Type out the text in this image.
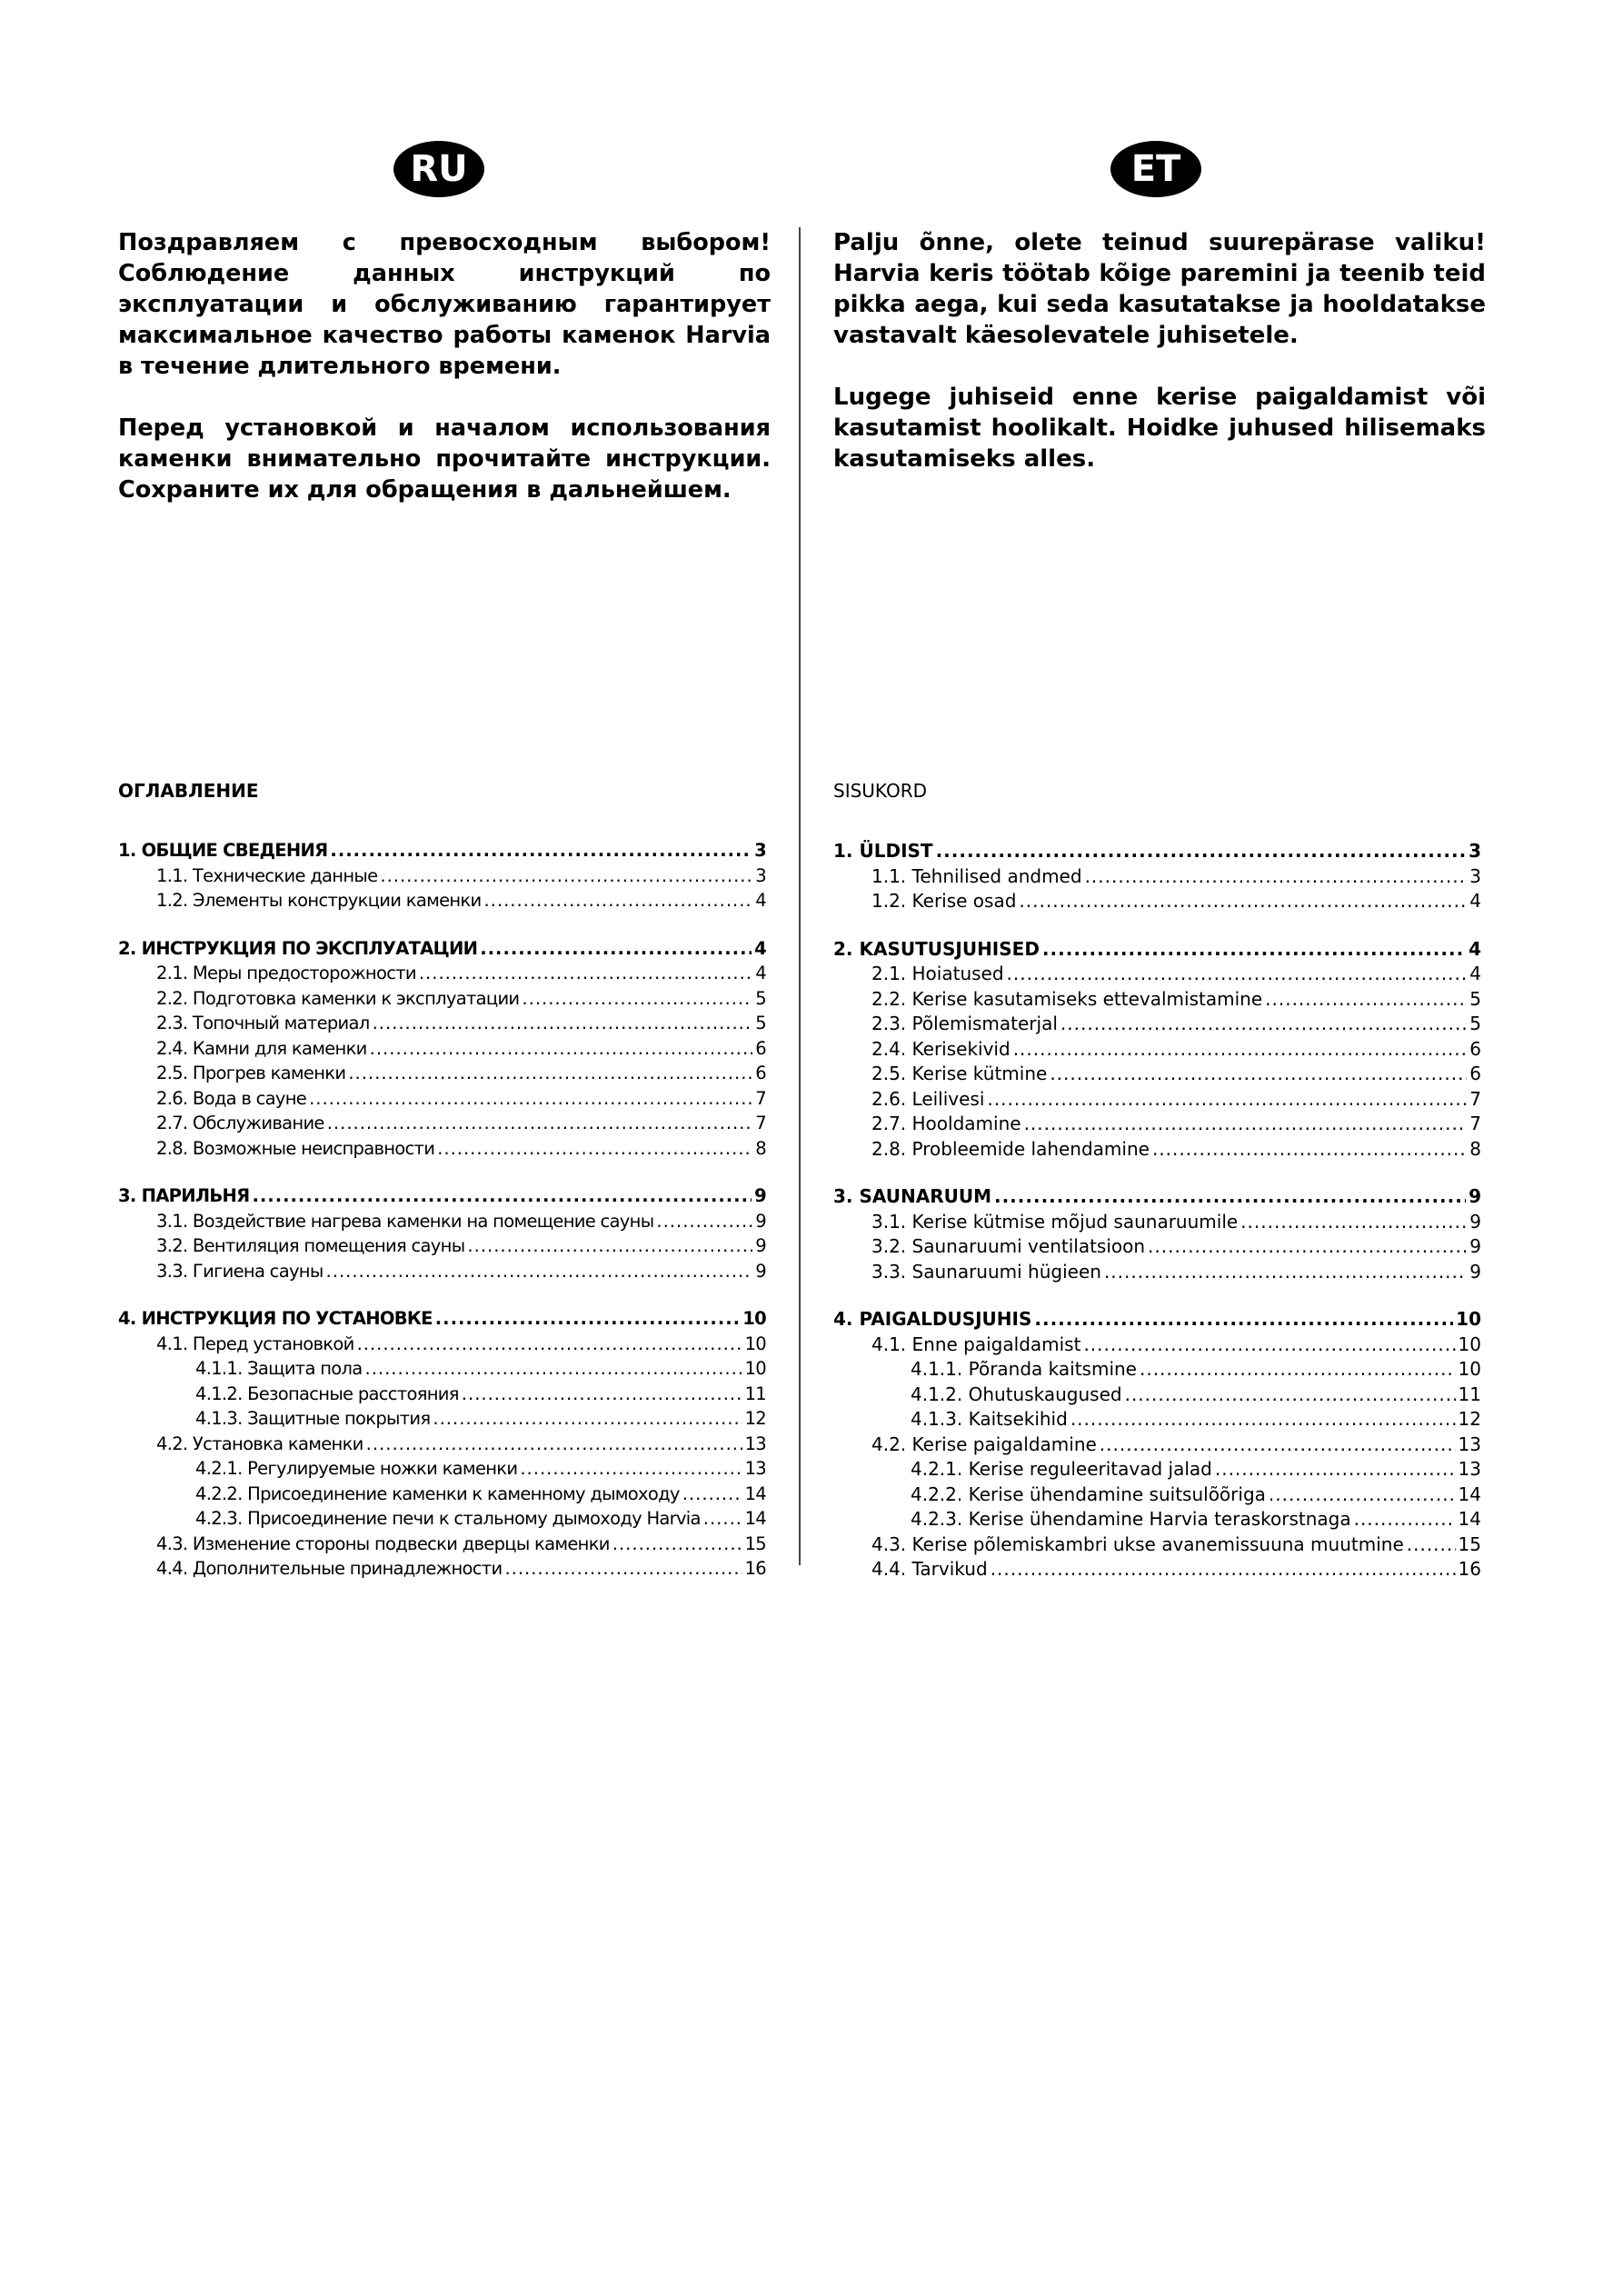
RU	ET

Поздравляем с превосходным выбором! Соблюдение данных инструкций по эксплуатации и обслуживанию гарантирует максимальное качество работы каменок Harvia в течение длительного времени.

Перед установкой и началом использования каменки внимательно прочитайте инструкции. Сохраните их для обращения в дальнейшем.

Palju õnne, olete teinud suurepärase valiku! Harvia keris töötab kõige paremini ja teenib teid pikka aega, kui seda kasutatakse ja hooldatakse vastavalt käesolevatele juhisetele.

Lugege juhiseid enne kerise paigaldamist või kasutamist hoolikalt. Hoidke juhused hilisemaks kasutamiseks alles.

ОГЛАВЛЕНИЕ
1. ОБЩИЕ СВЕДЕНИЯ .....	3
1.1. Технические данные .....	3
1.2. Элементы конструкции каменки .....	4
2. ИНСТРУКЦИЯ ПО ЭКСПЛУАТАЦИИ .....	4
2.1. Меры предосторожности .....	4
2.2. Подготовка каменки к эксплуатации .....	5
2.3. Топочный материал .....	5
2.4. Камни для каменки .....	6
2.5. Прогрев каменки .....	6
2.6. Вода в сауне .....	7
2.7. Обслуживание .....	7
2.8. Возможные неисправности .....	8
3. ПАРИЛЬНЯ .....	9
3.1. Воздействие нагрева каменки на помещение сауны .....	9
3.2. Вентиляция помещения сауны .....	9
3.3. Гигиена сауны .....	9
4. ИНСТРУКЦИЯ ПО УСТАНОВКЕ .....	10
4.1. Перед установкой .....	10
4.1.1. Защита пола .....	10
4.1.2. Безопасные расстояния .....	11
4.1.3. Защитные покрытия .....	12
4.2. Установка каменки .....	13
4.2.1. Регулируемые ножки каменки .....	13
4.2.2. Присоединение каменки к каменному дымоходу .....	14
4.2.3. Присоединение печи к стальному дымоходу Harvia .....	14
4.3. Изменение стороны подвески дверцы каменки .....	15
4.4. Дополнительные принадлежности .....	16
SISUKORD
1. ÜLDIST .....	3
1.1. Tehnilised andmed .....	3
1.2. Kerise osad .....	4
2. KASUTUSJUHISED .....	4
2.1. Hoiatused .....	4
2.2. Kerise kasutamiseks ettevalmistamine .....	5
2.3. Põlemismaterjal .....	5
2.4. Kerisekivid .....	6
2.5. Kerise kütmine .....	6
2.6. Leilivesi .....	7
2.7. Hooldamine .....	7
2.8. Probleemide lahendamine .....	8
3. SAUNARUUM .....	9
3.1. Kerise kütmise mõjud saunaruumile .....	9
3.2. Saunaruumi ventilatsioon .....	9
3.3. Saunaruumi hügieen .....	9
4. PAIGALDUSJUHIS .....	10
4.1. Enne paigaldamist .....	10
4.1.1. Põranda kaitsmine .....	10
4.1.2. Ohutuskaugused .....	11
4.1.3. Kaitsekihid .....	12
4.2. Kerise paigaldamine .....	13
4.2.1. Kerise reguleeritavad jalad .....	13
4.2.2. Kerise ühendamine suitsulõõriga .....	14
4.2.3. Kerise ühendamine Harvia teraskorstnaga .....	14
4.3. Kerise põlemiskambri ukse avanemissuuna muutmine .....	15
4.4. Tarvikud .....	16
